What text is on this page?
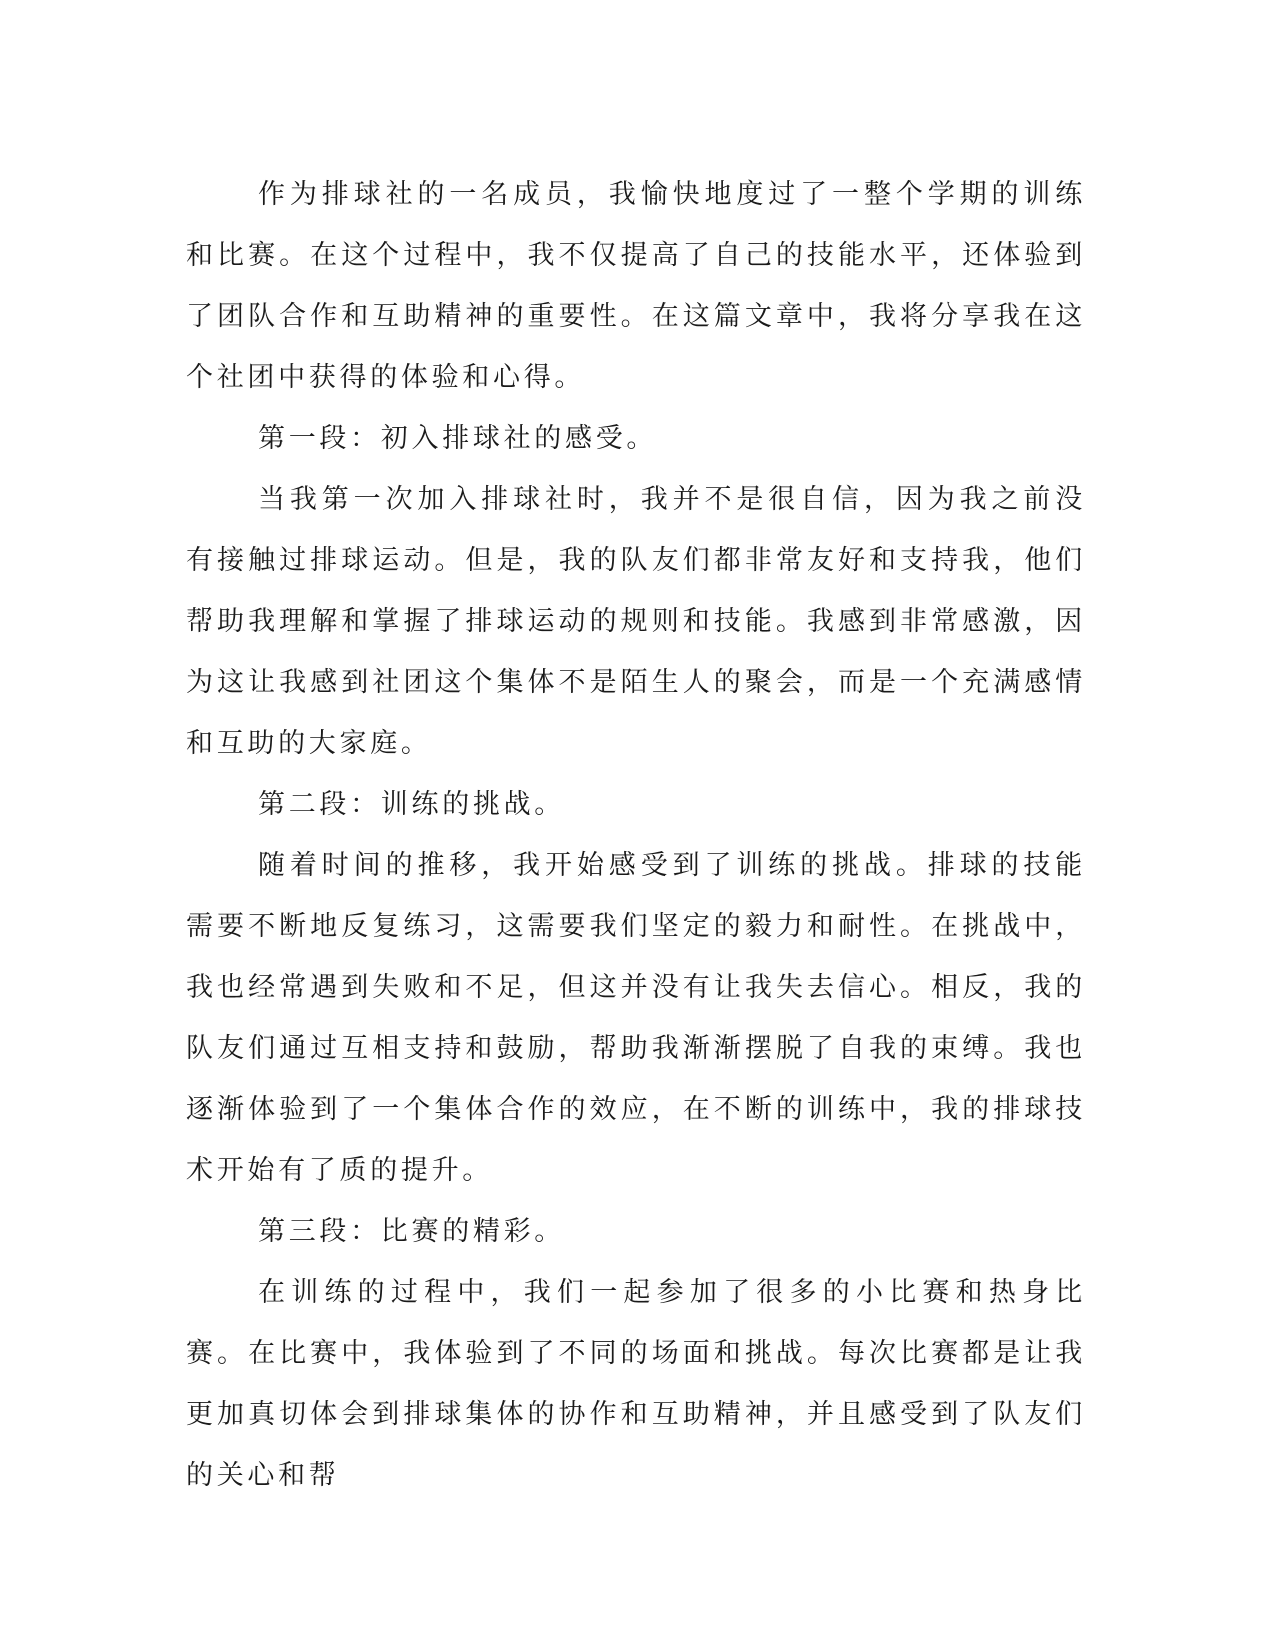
作为排球社的一名成员，我愉快地度过了一整个学期的训练和比赛。在这个过程中，我不仅提高了自己的技能水平，还体验到了团队合作和互助精神的重要性。在这篇文章中，我将分享我在这个社团中获得的体验和心得。

第一段：初入排球社的感受。

当我第一次加入排球社时，我并不是很自信，因为我之前没有接触过排球运动。但是，我的队友们都非常友好和支持我，他们帮助我理解和掌握了排球运动的规则和技能。我感到非常感激，因为这让我感到社团这个集体不是陌生人的聚会，而是一个充满感情和互助的大家庭。

第二段：训练的挑战。

随着时间的推移，我开始感受到了训练的挑战。排球的技能需要不断地反复练习，这需要我们坚定的毅力和耐性。在挑战中，我也经常遇到失败和不足，但这并没有让我失去信心。相反，我的队友们通过互相支持和鼓励，帮助我渐渐摆脱了自我的束缚。我也逐渐体验到了一个集体合作的效应，在不断的训练中，我的排球技术开始有了质的提升。

第三段：比赛的精彩。

在训练的过程中，我们一起参加了很多的小比赛和热身比赛。在比赛中，我体验到了不同的场面和挑战。每次比赛都是让我更加真切体会到排球集体的协作和互助精神，并且感受到了队友们的关心和帮
